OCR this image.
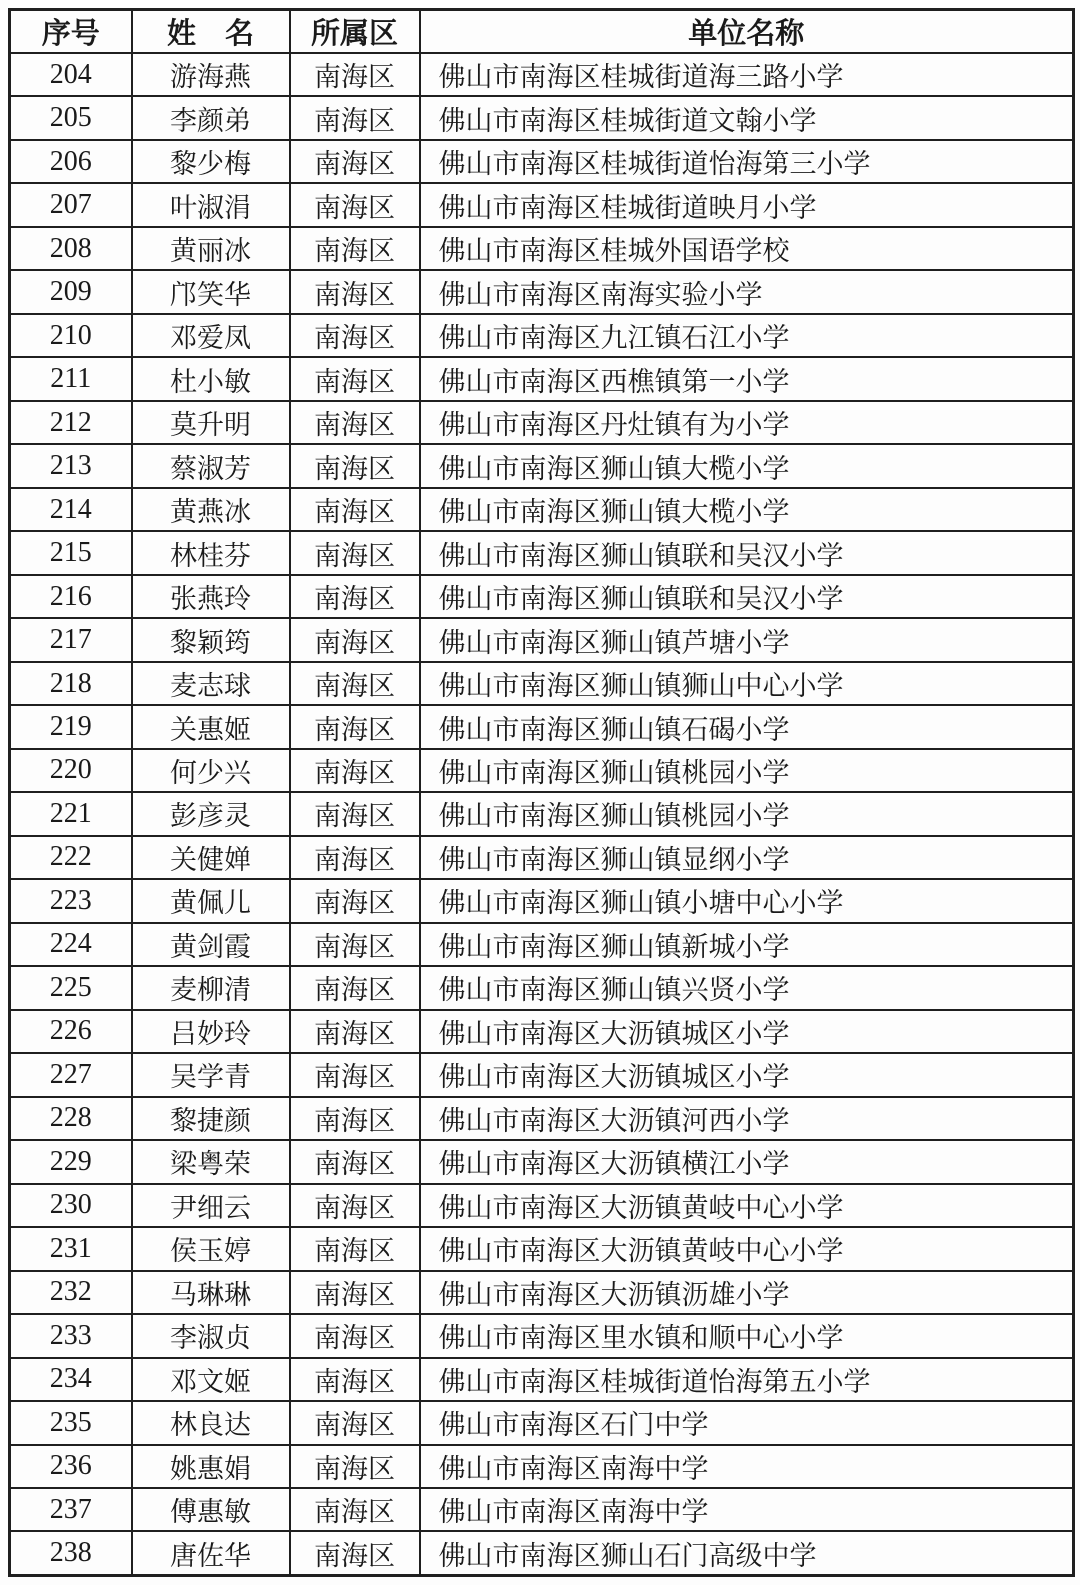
序号	姓　名	所属区	单位名称
204	游海燕	南海区	佛山市南海区桂城街道海三路小学
205	李颜弟	南海区	佛山市南海区桂城街道文翰小学
206	黎少梅	南海区	佛山市南海区桂城街道怡海第三小学
207	叶淑涓	南海区	佛山市南海区桂城街道映月小学
208	黄丽冰	南海区	佛山市南海区桂城外国语学校
209	邝笑华	南海区	佛山市南海区南海实验小学
210	邓爱凤	南海区	佛山市南海区九江镇石江小学
211	杜小敏	南海区	佛山市南海区西樵镇第一小学
212	莫升明	南海区	佛山市南海区丹灶镇有为小学
213	蔡淑芳	南海区	佛山市南海区狮山镇大榄小学
214	黄燕冰	南海区	佛山市南海区狮山镇大榄小学
215	林桂芬	南海区	佛山市南海区狮山镇联和吴汉小学
216	张燕玲	南海区	佛山市南海区狮山镇联和吴汉小学
217	黎颖筠	南海区	佛山市南海区狮山镇芦塘小学
218	麦志球	南海区	佛山市南海区狮山镇狮山中心小学
219	关惠姬	南海区	佛山市南海区狮山镇石碣小学
220	何少兴	南海区	佛山市南海区狮山镇桃园小学
221	彭彦灵	南海区	佛山市南海区狮山镇桃园小学
222	关健婵	南海区	佛山市南海区狮山镇显纲小学
223	黄佩儿	南海区	佛山市南海区狮山镇小塘中心小学
224	黄剑霞	南海区	佛山市南海区狮山镇新城小学
225	麦柳清	南海区	佛山市南海区狮山镇兴贤小学
226	吕妙玲	南海区	佛山市南海区大沥镇城区小学
227	吴学青	南海区	佛山市南海区大沥镇城区小学
228	黎捷颜	南海区	佛山市南海区大沥镇河西小学
229	梁粤荣	南海区	佛山市南海区大沥镇横江小学
230	尹细云	南海区	佛山市南海区大沥镇黄岐中心小学
231	侯玉婷	南海区	佛山市南海区大沥镇黄岐中心小学
232	马琳琳	南海区	佛山市南海区大沥镇沥雄小学
233	李淑贞	南海区	佛山市南海区里水镇和顺中心小学
234	邓文姬	南海区	佛山市南海区桂城街道怡海第五小学
235	林良达	南海区	佛山市南海区石门中学
236	姚惠娟	南海区	佛山市南海区南海中学
237	傅惠敏	南海区	佛山市南海区南海中学
238	唐佐华	南海区	佛山市南海区狮山石门高级中学
